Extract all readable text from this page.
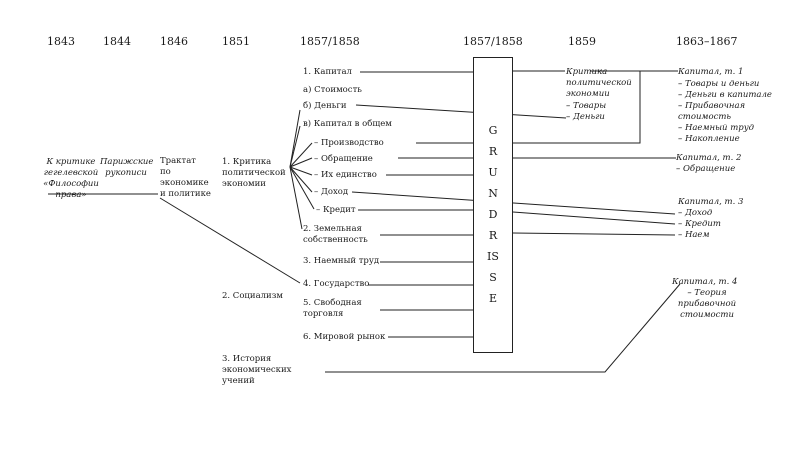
1843	1844	1846	1851	1857/1858	1857/1858	1859	1863–1867
К критике
гегелевской
«Философии
права»
Парижские
рукописи
Трактат
по
экономике
и политике
1. Критика
политической
экономии
2. Социализм
3. История
экономических
учений
1. Капитал
а) Стоимость
б) Деньги
в) Капитал в общем
– Производство
– Обращение
– Их единство
– Доход
– Кредит
2. Земельная
собственность
3. Наемный труд
4. Государство
5. Свободная
торговля
6. Мировой рынок
GRUNDRISSE
Критика
политической
экономии
– Товары
– Деньги
Капитал, т. 1
– Товары и деньги
– Деньги в капитале
– Прибавочная стоимость
– Наемный труд
– Накопление
Капитал, т. 2
– Обращение
Капитал, т. 3
– Доход
– Кредит
– Наем
Капитал, т. 4
– Теория
прибавочной
стоимости
